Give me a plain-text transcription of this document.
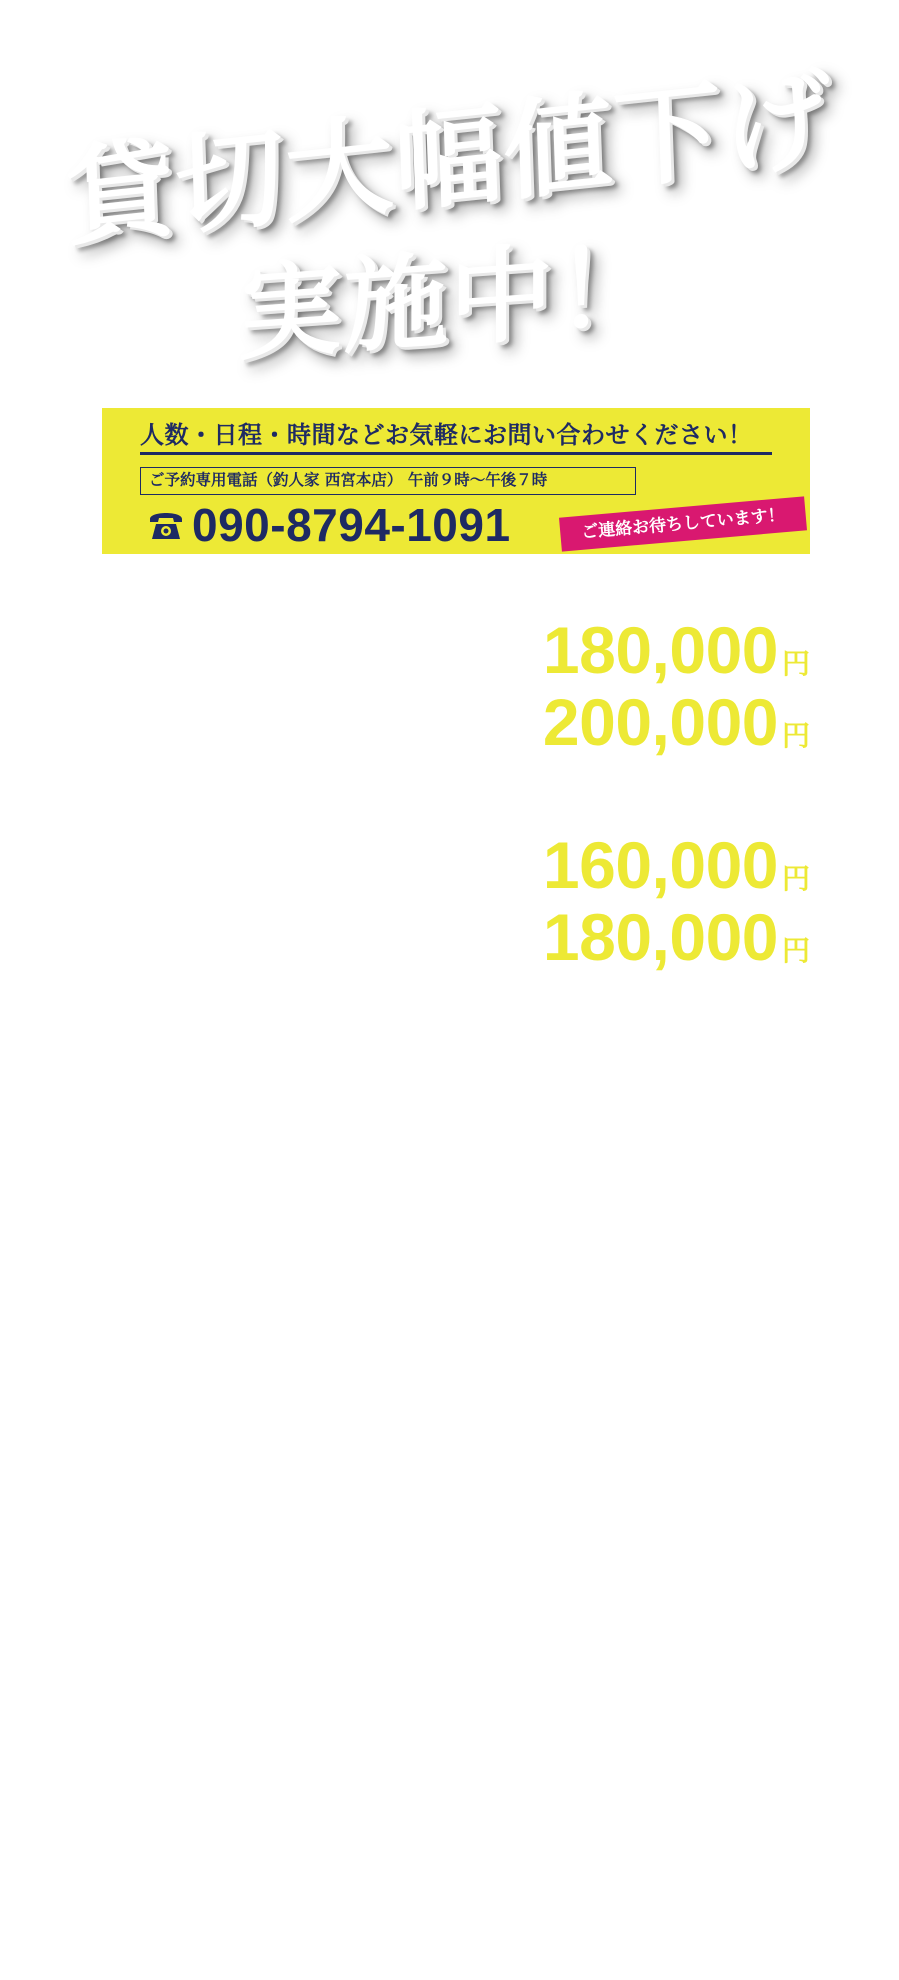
貸切大幅値下げ
実施中！
人数・日程・時間などお気軽にお問い合わせください！
ご予約専用電話（釣人家 西宮本店） 午前９時〜午後７時
090-8794-1091	ご連絡お待ちしています！
180,000 円
200,000 円
160,000 円
180,000 円
